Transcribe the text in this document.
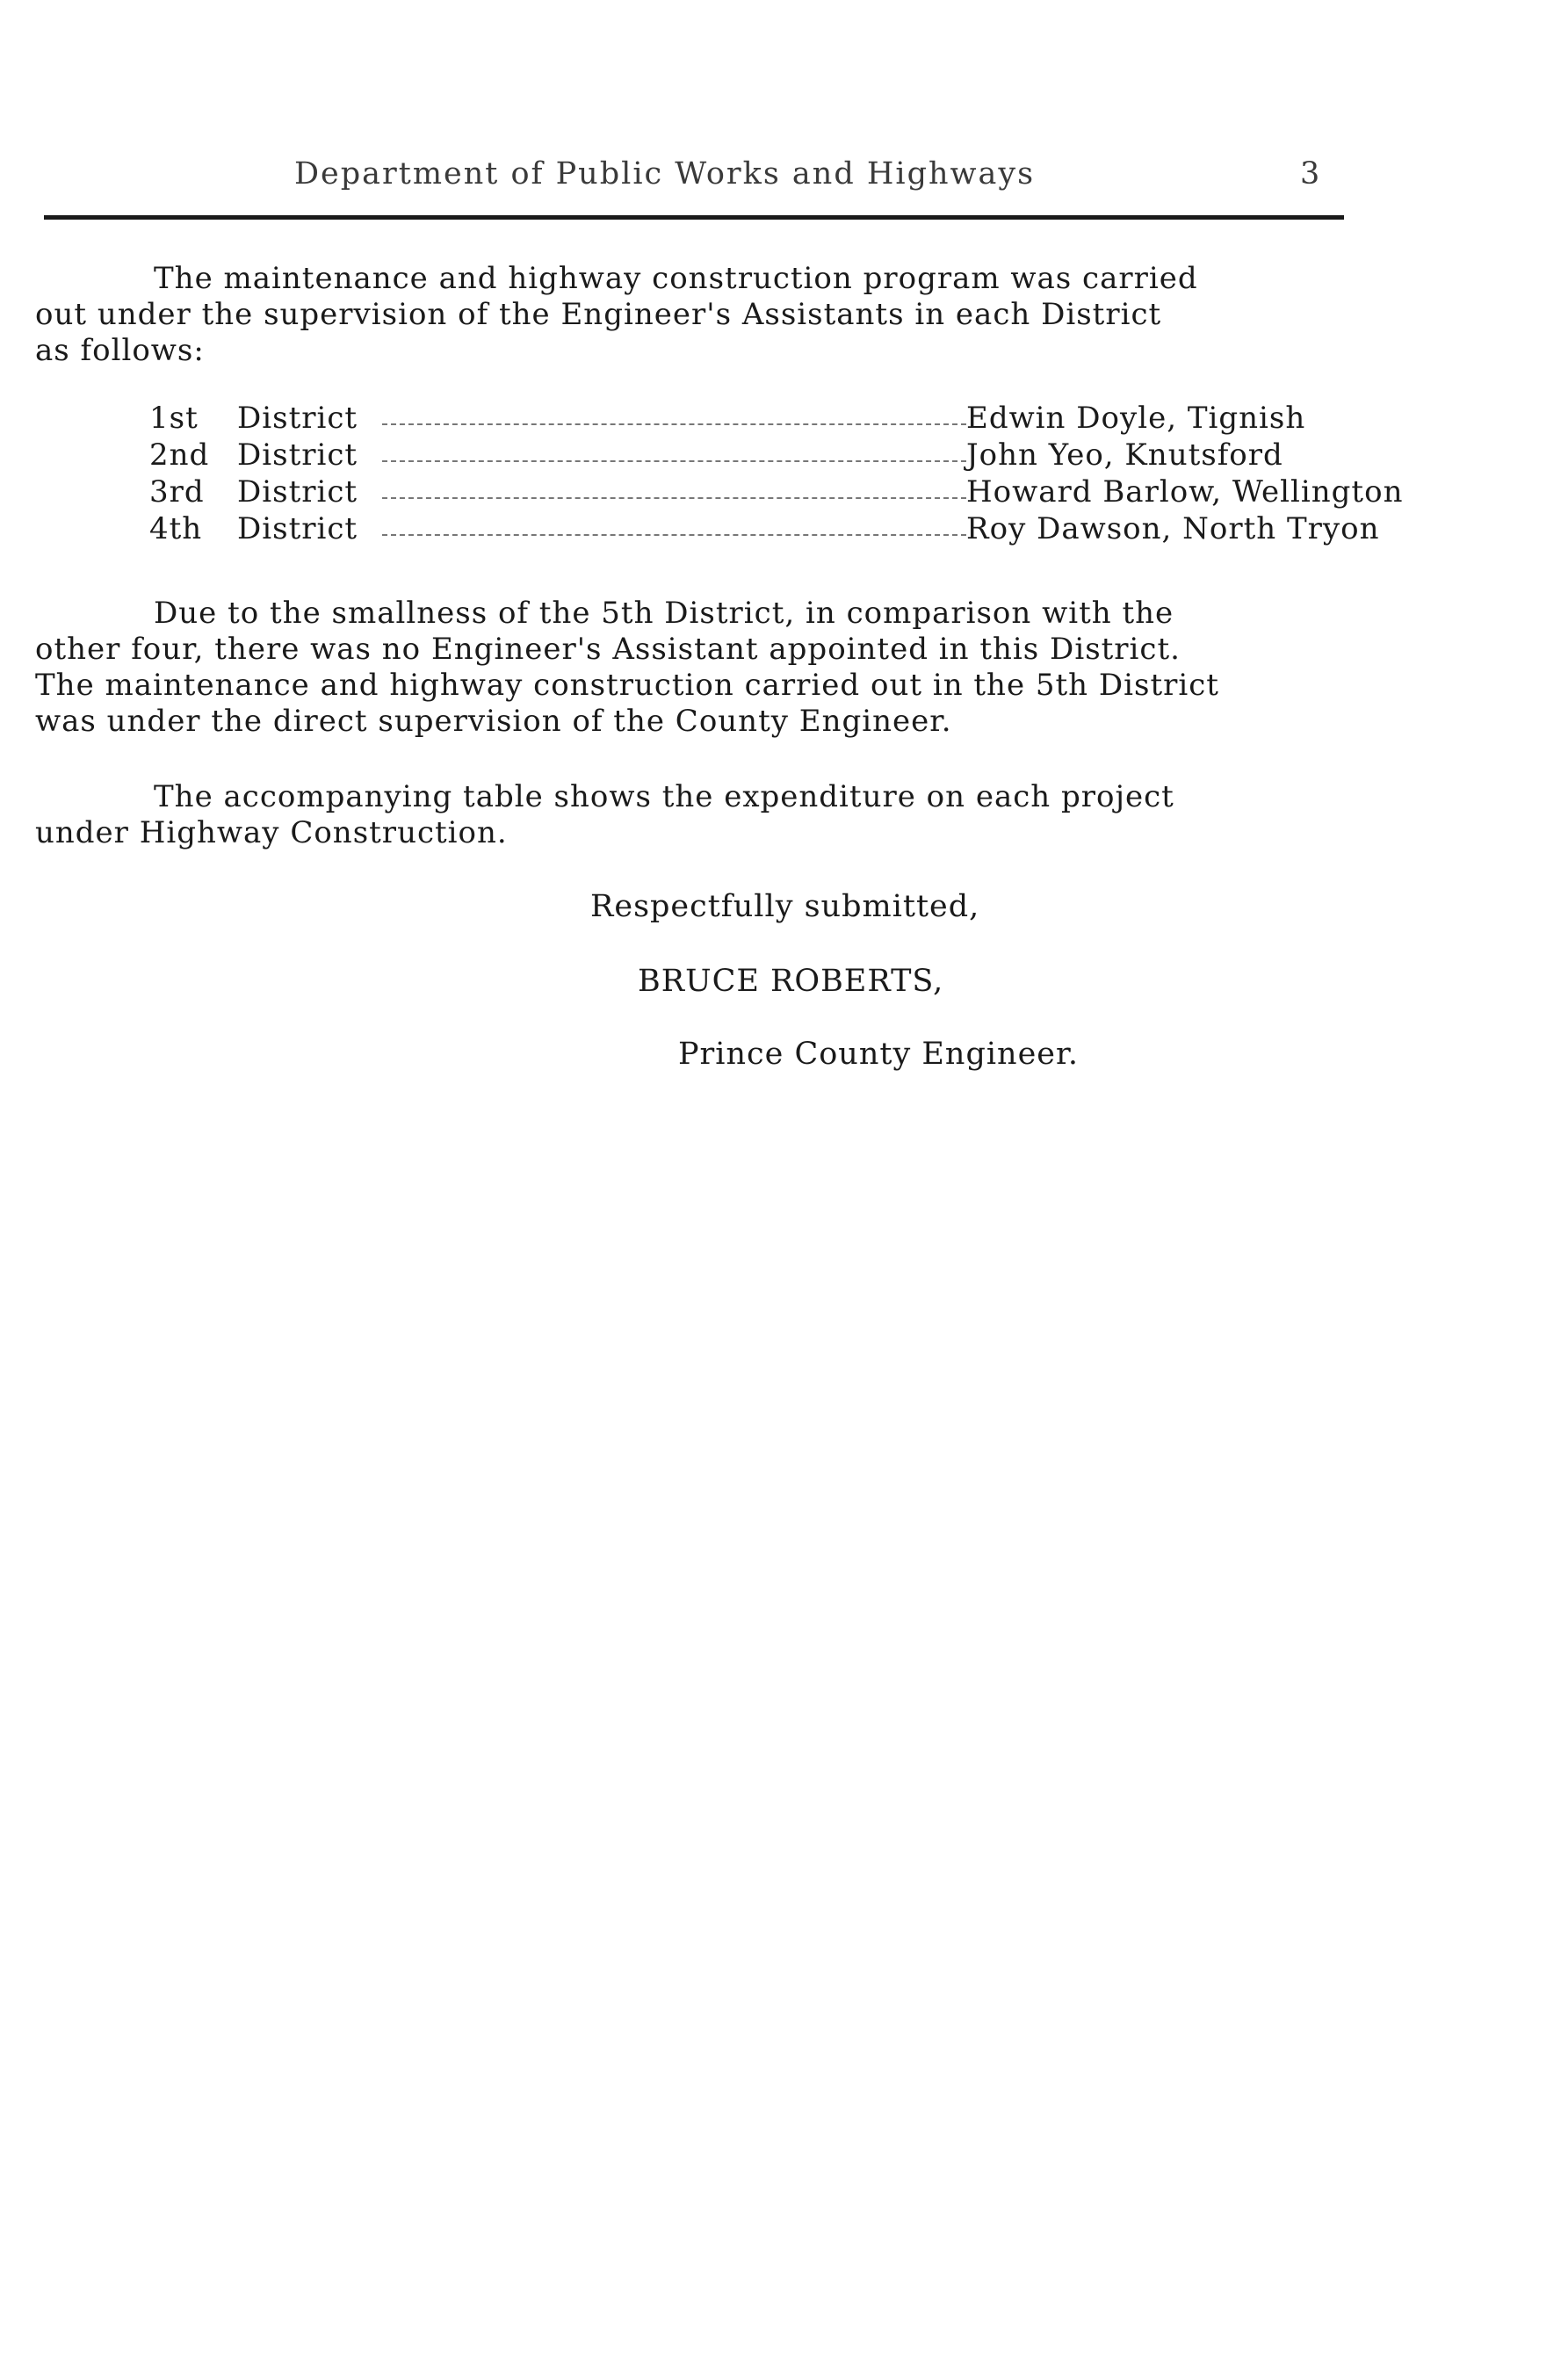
Department of Public Works and Highways	3

The maintenance and highway construction program was carried
out under the supervision of the Engineer's Assistants in each District
as follows:

1st	District	Edwin Doyle, Tignish
2nd District	John Yeo, Knutsford
3rd	District	Howard Barlow, Wellington
4th	District	Roy Dawson, North Tryon

Due to the smallness of the 5th District, in comparison with the
other four, there was no Engineer's Assistant appointed in this District.
The maintenance and highway construction carried out in the 5th District
was under the direct supervision of the County Engineer.

The accompanying table shows the expenditure on each project
under Highway Construction.

Respectfully submitted,
BRUCE ROBERTS,
Prince County Engineer.
